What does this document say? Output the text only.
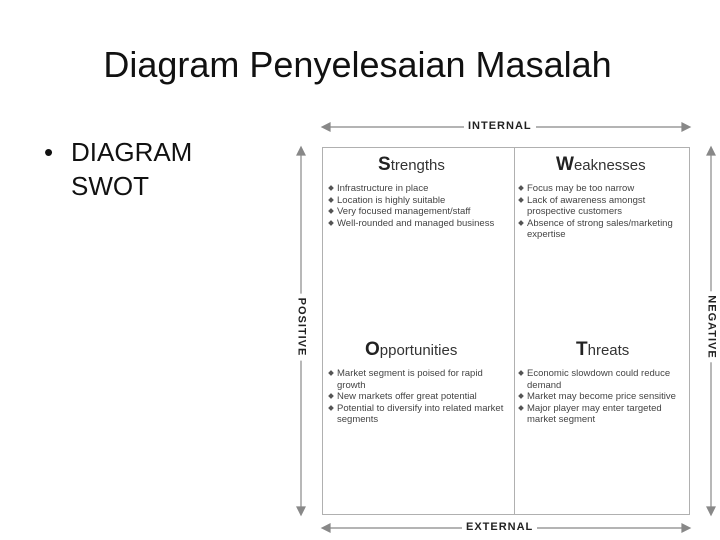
Diagram Penyelesaian Masalah
• DIAGRAM SWOT
INTERNAL
EXTERNAL
POSITIVE	NEGATIVE
Strengths
Infrastructure in place
Location is highly suitable
Very focused management/staff
Well-rounded and managed business
Weaknesses
Focus may be too narrow
Lack of awareness amongst prospective customers
Absence of strong sales/marketing expertise
Opportunities
Market segment is poised for rapid growth
New markets offer great potential
Potential to diversify into related market segments
Threats
Economic slowdown could reduce demand
Market may become price sensitive
Major player may enter targeted market segment
